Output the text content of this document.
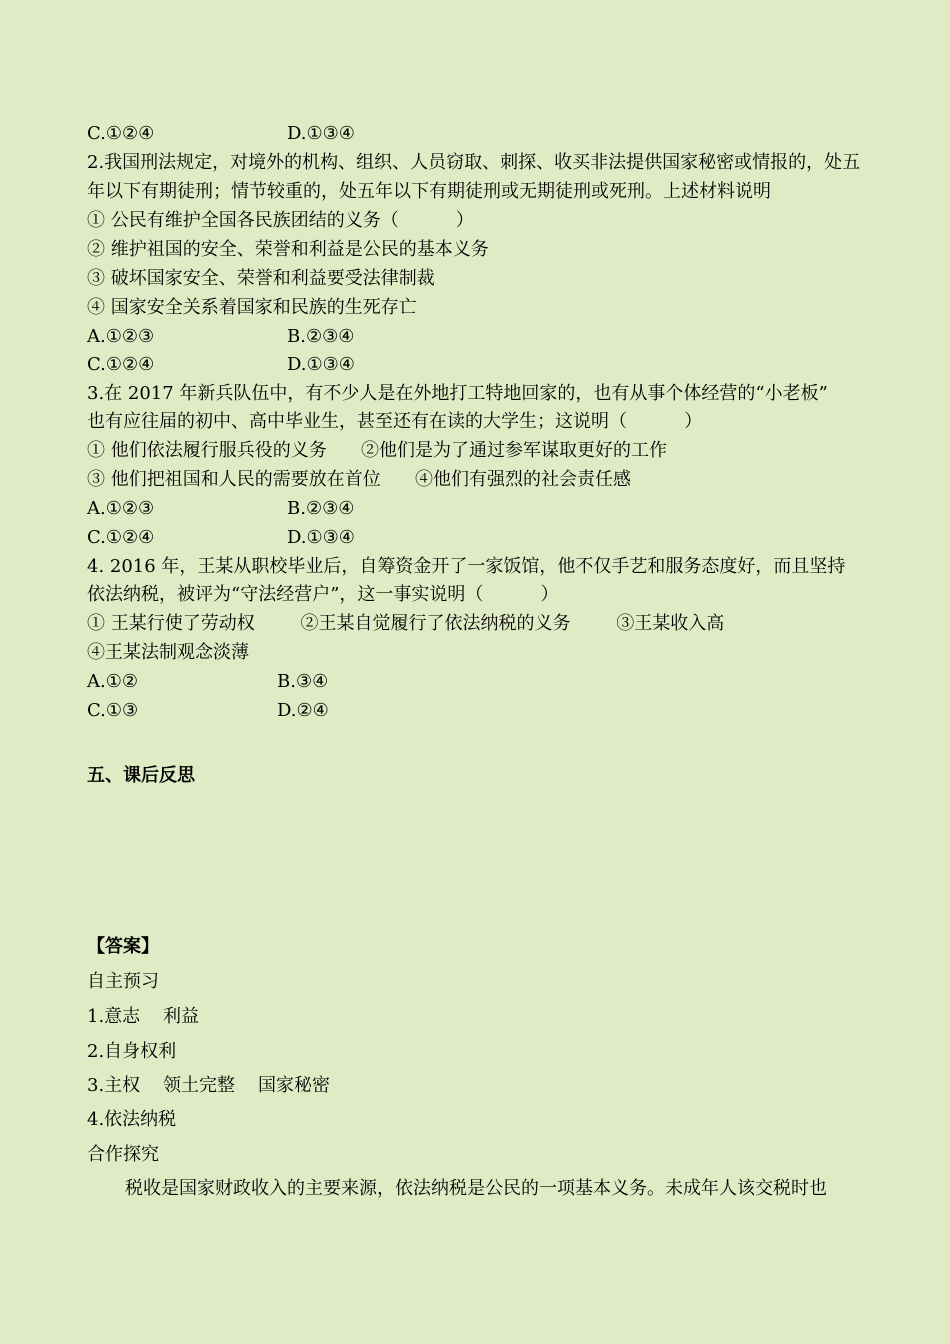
C.①②④	D.①③④
2.我国刑法规定，对境外的机构、组织、人员窃取、刺探、收买非法提供国家秘密或情报的，处五
年以下有期徒刑；情节较重的，处五年以下有期徒刑或无期徒刑或死刑。上述材料说明
① 公民有维护全国各民族团结的义务（          ）
② 维护祖国的安全、荣誉和利益是公民的基本义务
③ 破坏国家安全、荣誉和利益要受法律制裁
④ 国家安全关系着国家和民族的生死存亡
A.①②③	B.②③④
C.①②④	D.①③④
3.在 2017 年新兵队伍中，有不少人是在外地打工特地回家的，也有从事个体经营的“小老板”
也有应往届的初中、高中毕业生，甚至还有在读的大学生；这说明（          ）
① 他们依法履行服兵役的义务      ②他们是为了通过参军谋取更好的工作
③ 他们把祖国和人民的需要放在首位      ④他们有强烈的社会责任感
A.①②③	B.②③④
C.①②④	D.①③④
4. 2016 年，王某从职校毕业后，自筹资金开了一家饭馆，他不仅手艺和服务态度好，而且坚持
依法纳税，被评为“守法经营户”，这一事实说明（          ）
① 王某行使了劳动权        ②王某自觉履行了依法纳税的义务        ③王某收入高
④王某法制观念淡薄
A.①②	B.③④
C.①③	D.②④
五、课后反思
【答案】
自主预习
1.意志    利益
2.自身权利
3.主权    领土完整    国家秘密
4.依法纳税
合作探究
税收是国家财政收入的主要来源，依法纳税是公民的一项基本义务。未成年人该交税时也
